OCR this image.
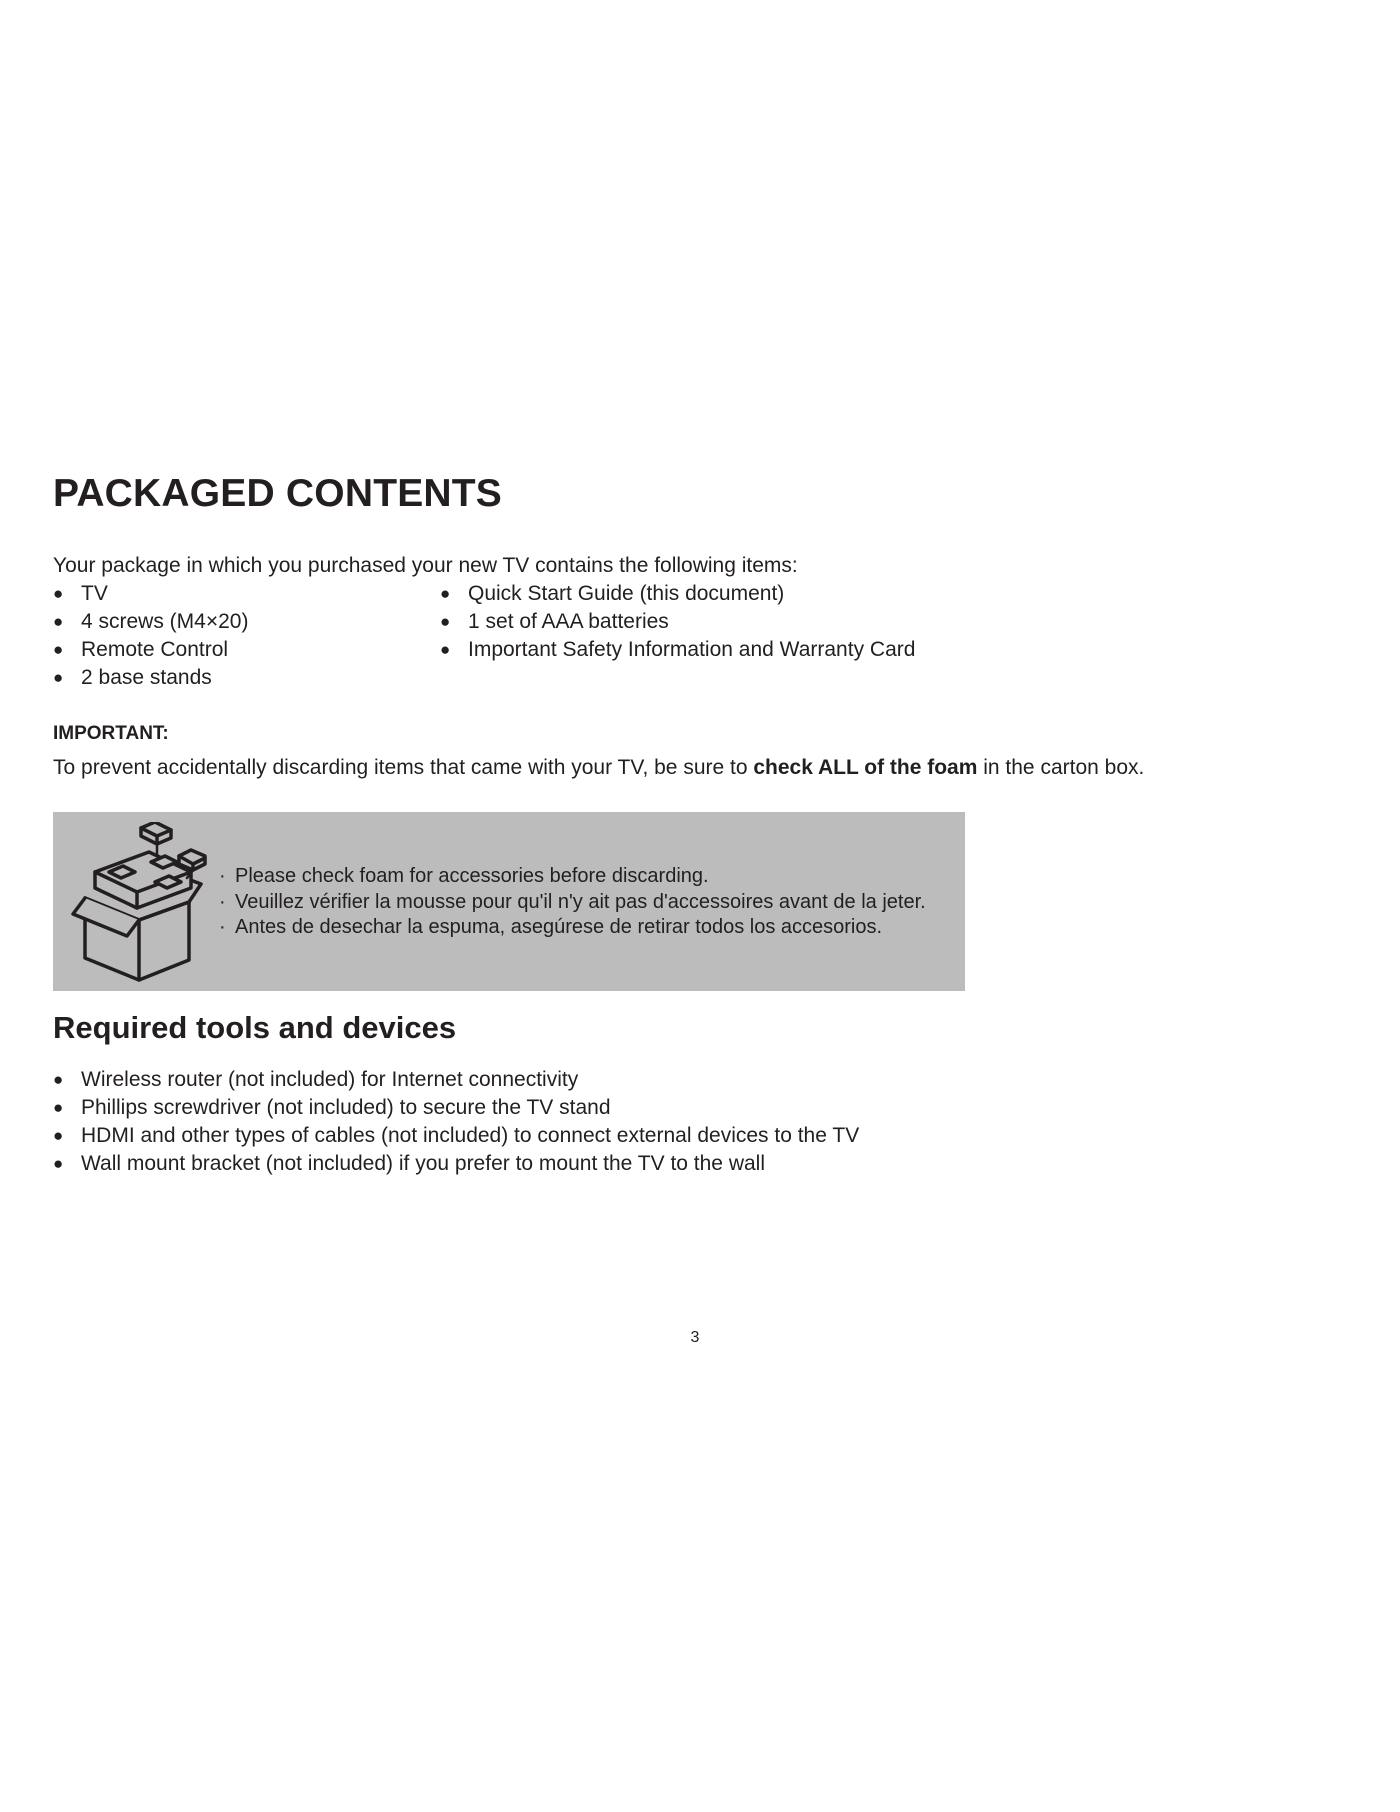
PACKAGED CONTENTS
Your package in which you purchased your new TV contains the following items:
● TV
● 4 screws (M4×20)
● Remote Control
● 2 base stands
● Quick Start Guide (this document)
● 1 set of AAA batteries
● Important Safety Information and Warranty Card
IMPORTANT:
To prevent accidentally discarding items that came with your TV, be sure to check ALL of the foam in the carton box.
· Please check foam for accessories before discarding.
· Veuillez vérifier la mousse pour qu'il n'y ait pas d'accessoires avant de la jeter.
· Antes de desechar la espuma, asegúrese de retirar todos los accesorios.
Required tools and devices
● Wireless router (not included) for Internet connectivity
● Phillips screwdriver (not included) to secure the TV stand
● HDMI and other types of cables (not included) to connect external devices to the TV
● Wall mount bracket (not included) if you prefer to mount the TV to the wall
3
